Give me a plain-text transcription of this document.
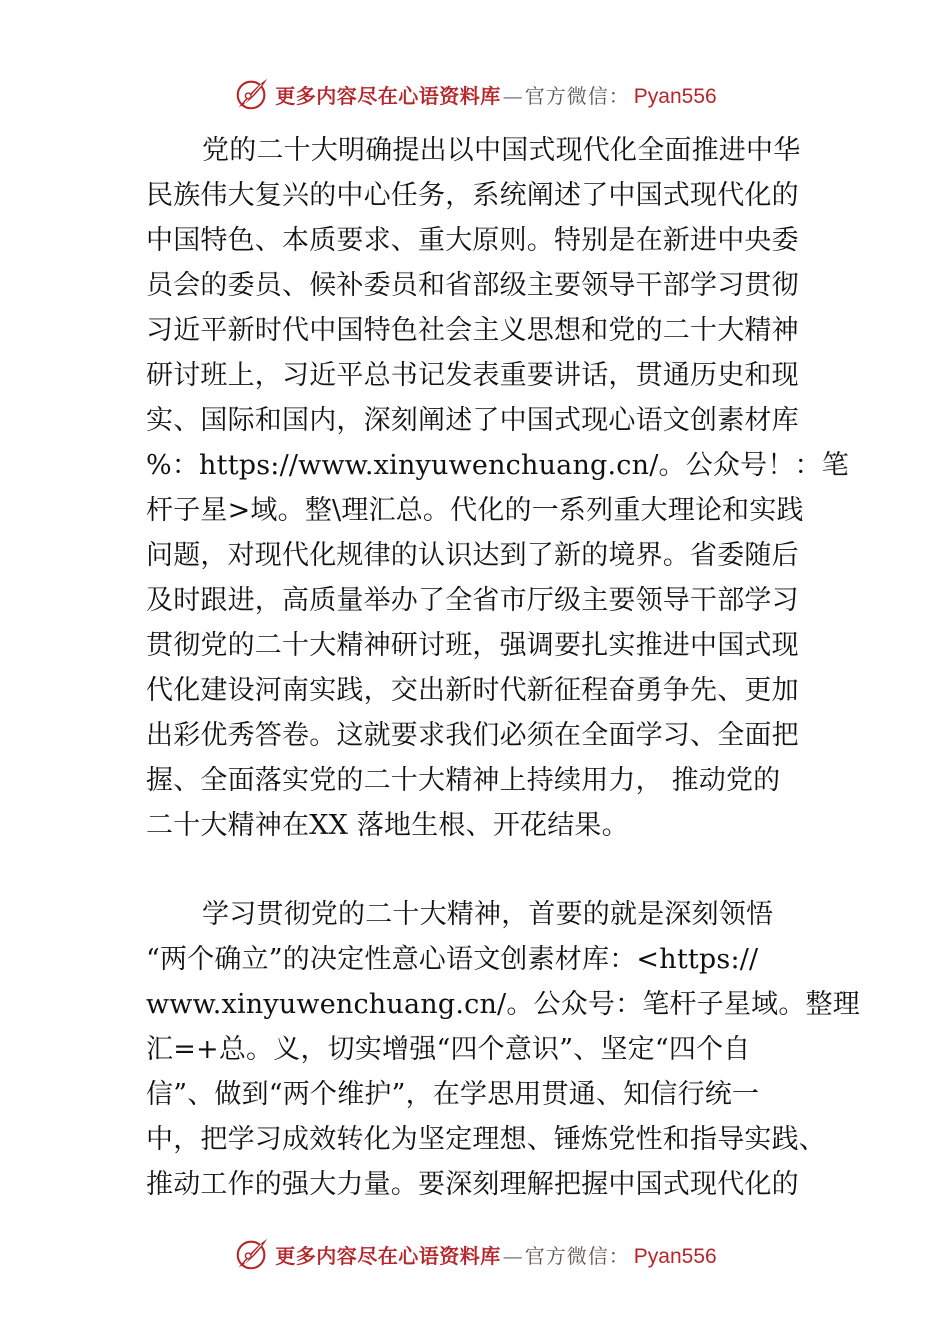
更多内容尽在心语资料库 — 官方微信： Pyan556
党的二十大明确提出以中国式现代化全面推进中华
民族伟大复兴的中心任务，系统阐述了中国式现代化的
中国特色、本质要求、重大原则。特别是在新进中央委
员会的委员、候补委员和省部级主要领导干部学习贯彻
习近平新时代中国特色社会主义思想和党的二十大精神
研讨班上，习近平总书记发表重要讲话，贯通历史和现
实、国际和国内，深刻阐述了中国式现心语文创素材库
%：https://www.xinyuwenchuang.cn/。公众号！：笔
杆子星>域。整\理汇总。代化的一系列重大理论和实践
问题，对现代化规律的认识达到了新的境界。省委随后
及时跟进，高质量举办了全省市厅级主要领导干部学习
贯彻党的二十大精神研讨班，强调要扎实推进中国式现
代化建设河南实践，交出新时代新征程奋勇争先、更加
出彩优秀答卷。这就要求我们必须在全面学习、全面把
握、全面落实党的二十大精神上持续用力， 推动党的
二十大精神在XX 落地生根、开花结果。
学习贯彻党的二十大精神，首要的就是深刻领悟
“两个确立”的决定性意心语文创素材库：<https://
www.xinyuwenchuang.cn/。公众号：笔杆子星域。整理
汇=+总。义，切实增强“四个意识”、坚定“四个自
信”、做到“两个维护”，在学思用贯通、知信行统一
中，把学习成效转化为坚定理想、锤炼党性和指导实践、
推动工作的强大力量。要深刻理解把握中国式现代化的
更多内容尽在心语资料库 — 官方微信： Pyan556
